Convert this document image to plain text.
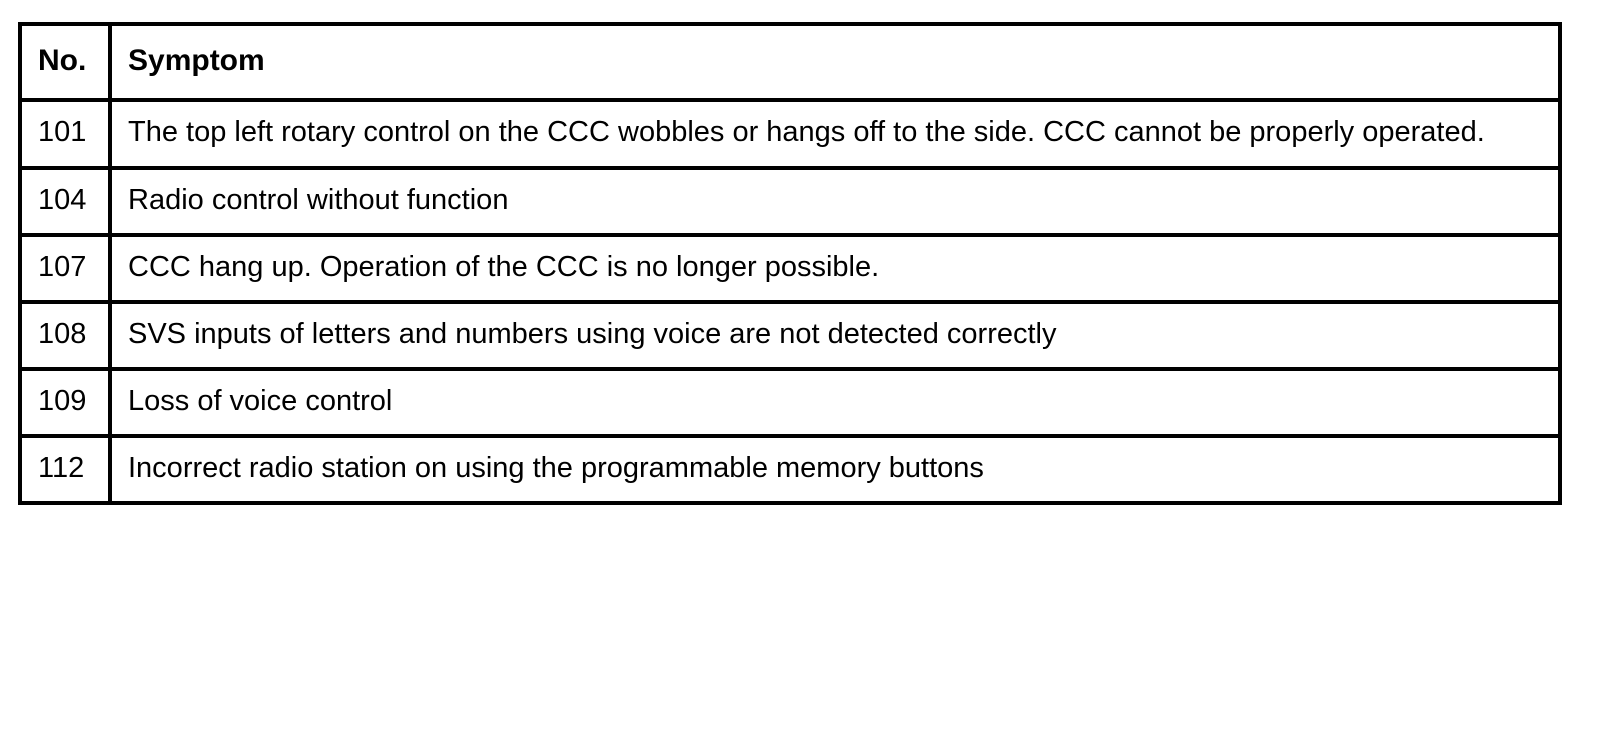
No.	Symptom
101	The top left rotary control on the CCC wobbles or hangs off to the side. CCC cannot be properly operated.
104	Radio control without function
107	CCC hang up. Operation of the CCC is no longer possible.
108	SVS inputs of letters and numbers using voice are not detected correctly
109	Loss of voice control
112	Incorrect radio station on using the programmable memory buttons
